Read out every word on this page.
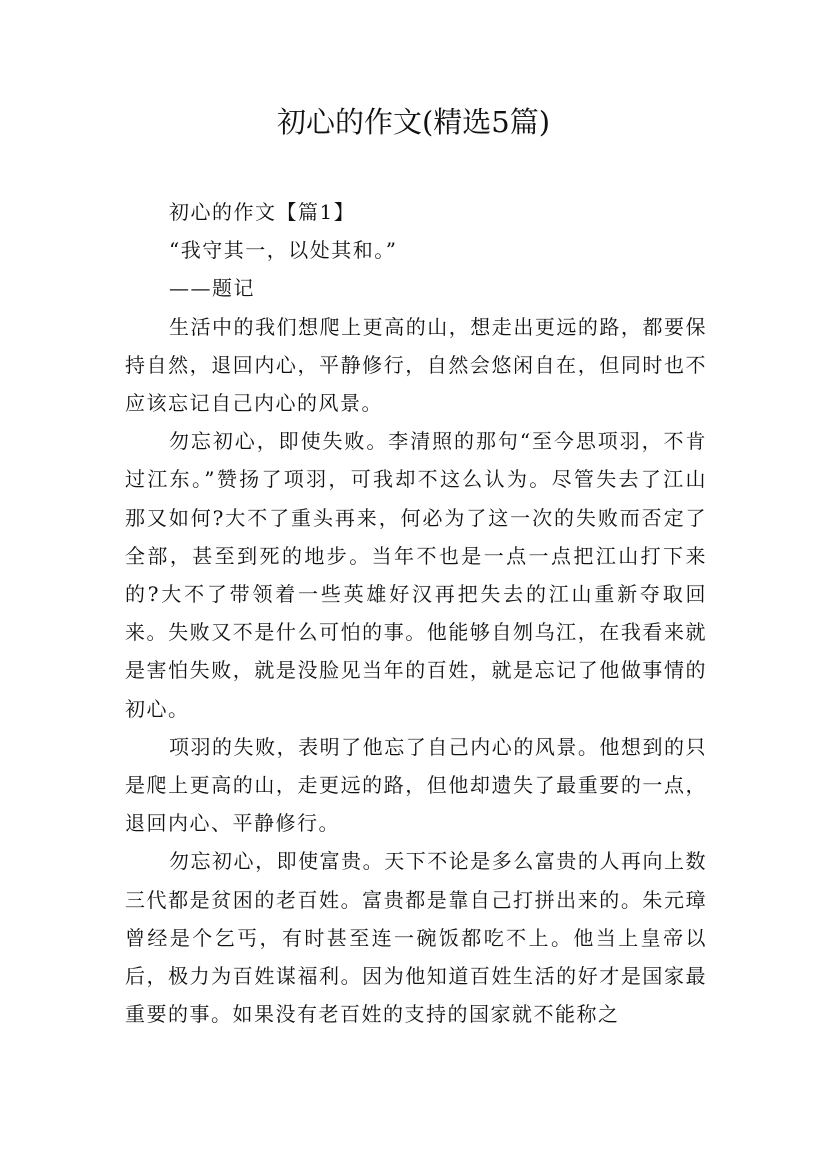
初心的作文(精选5篇)

初心的作文【篇1】

“我守其一，以处其和。”

——题记

生活中的我们想爬上更高的山，想走出更远的路，都要保持自然，退回内心，平静修行，自然会悠闲自在，但同时也不应该忘记自己内心的风景。

勿忘初心，即使失败。李清照的那句“至今思项羽，不肯过江东。”赞扬了项羽，可我却不这么认为。尽管失去了江山那又如何?大不了重头再来，何必为了这一次的失败而否定了全部，甚至到死的地步。当年不也是一点一点把江山打下来的?大不了带领着一些英雄好汉再把失去的江山重新夺取回来。失败又不是什么可怕的事。他能够自刎乌江，在我看来就是害怕失败，就是没脸见当年的百姓，就是忘记了他做事情的初心。

项羽的失败，表明了他忘了自己内心的风景。他想到的只是爬上更高的山，走更远的路，但他却遗失了最重要的一点，退回内心、平静修行。

勿忘初心，即使富贵。天下不论是多么富贵的人再向上数三代都是贫困的老百姓。富贵都是靠自己打拼出来的。朱元璋曾经是个乞丐，有时甚至连一碗饭都吃不上。他当上皇帝以后，极力为百姓谋福利。因为他知道百姓生活的好才是国家最重要的事。如果没有老百姓的支持的国家就不能称之
